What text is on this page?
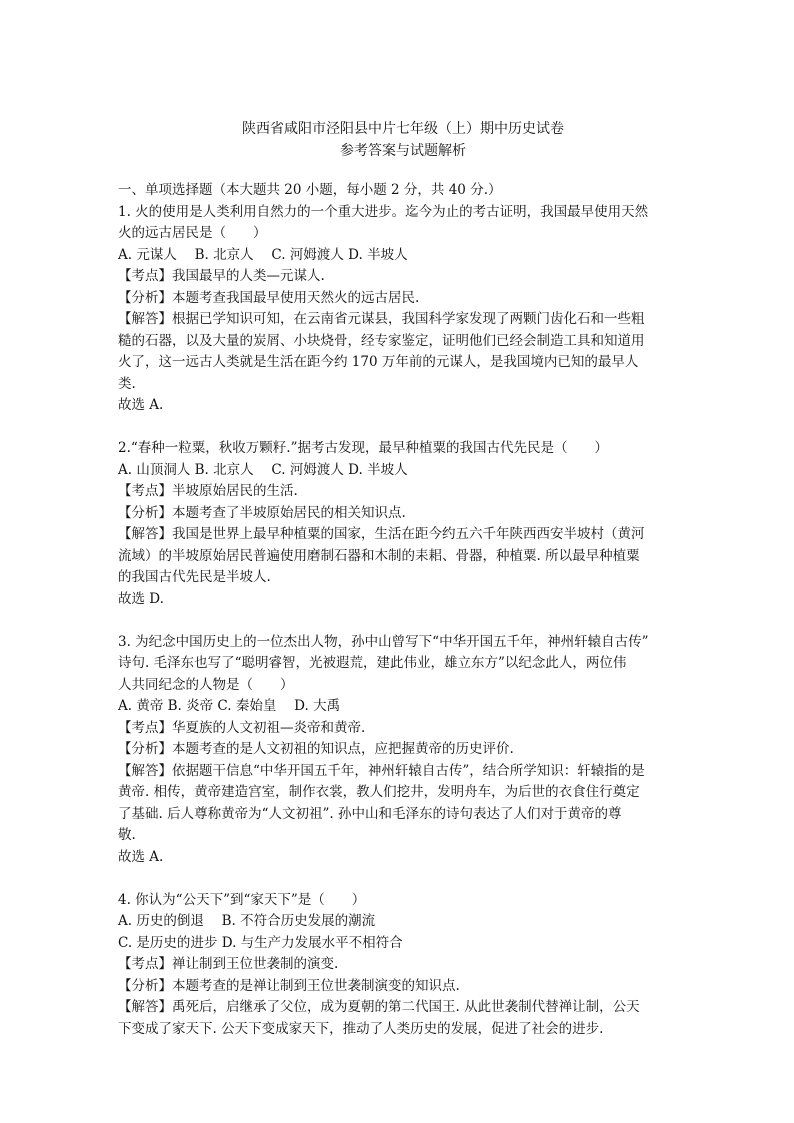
陕西省咸阳市泾阳县中片七年级（上）期中历史试卷
参考答案与试题解析
一、单项选择题（本大题共 20 小题，每小题 2 分，共 40 分.）
1. 火的使用是人类利用自然力的一个重大进步。迄今为止的考古证明，我国最早使用天然
火的远古居民是（　　）
A. 元谋人　 B. 北京人　 C. 河姆渡人 D. 半坡人
【考点】我国最早的人类—元谋人.
【分析】本题考查我国最早使用天然火的远古居民.
【解答】根据已学知识可知，在云南省元谋县，我国科学家发现了两颗门齿化石和一些粗
糙的石器，以及大量的炭屑、小块烧骨，经专家鉴定，证明他们已经会制造工具和知道用
火了，这一远古人类就是生活在距今约 170 万年前的元谋人，是我国境内已知的最早人
类.
故选 A.
2.“春种一粒粟，秋收万颗籽.”据考古发现，最早种植粟的我国古代先民是（　　）
A. 山顶洞人 B. 北京人　 C. 河姆渡人 D. 半坡人
【考点】半坡原始居民的生活.
【分析】本题考查了半坡原始居民的相关知识点.
【解答】我国是世界上最早种植粟的国家，生活在距今约五六千年陕西西安半坡村（黄河
流域）的半坡原始居民普遍使用磨制石器和木制的耒耜、骨器，种植粟. 所以最早种植粟
的我国古代先民是半坡人.
故选 D.
3. 为纪念中国历史上的一位杰出人物，孙中山曾写下“中华开国五千年，神州轩辕自古传”
诗句. 毛泽东也写了“聪明睿智，光被遐荒，建此伟业，雄立东方”以纪念此人，两位伟
人共同纪念的人物是（　　）
A. 黄帝 B. 炎帝 C. 秦始皇　 D. 大禹
【考点】华夏族的人文初祖—炎帝和黄帝.
【分析】本题考查的是人文初祖的知识点，应把握黄帝的历史评价.
【解答】依据题干信息“中华开国五千年，神州轩辕自古传”，结合所学知识：轩辕指的是
黄帝. 相传，黄帝建造宫室，制作衣裳，教人们挖井，发明舟车，为后世的衣食住行奠定
了基础. 后人尊称黄帝为“人文初祖”. 孙中山和毛泽东的诗句表达了人们对于黄帝的尊
敬.
故选 A.
4. 你认为“公天下”到“家天下”是（　　）
A. 历史的倒退　 B. 不符合历史发展的潮流
C. 是历史的进步 D. 与生产力发展水平不相符合
【考点】禅让制到王位世袭制的演变.
【分析】本题考查的是禅让制到王位世袭制演变的知识点.
【解答】禹死后，启继承了父位，成为夏朝的第二代国王. 从此世袭制代替禅让制，公天
下变成了家天下. 公天下变成家天下，推动了人类历史的发展，促进了社会的进步.
